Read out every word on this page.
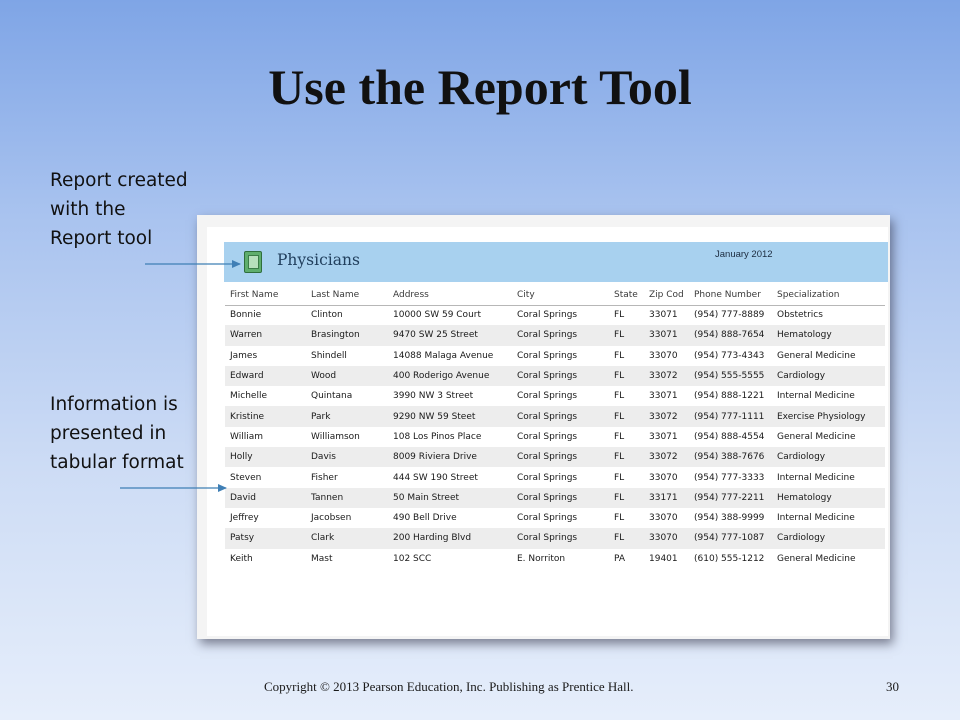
Use the Report Tool
Report created with the Report tool
Information is presented in tabular format
Physicians	January 2012
First Name	Last Name	Address	City	State	Zip Cod	Phone Number	Specialization
Bonnie	Clinton	10000 SW 59 Court	Coral Springs	FL	33071	(954) 777-8889	Obstetrics
Warren	Brasington	9470 SW 25 Street	Coral Springs	FL	33071	(954) 888-7654	Hematology
James	Shindell	14088 Malaga Avenue	Coral Springs	FL	33070	(954) 773-4343	General Medicine
Edward	Wood	400 Roderigo Avenue	Coral Springs	FL	33072	(954) 555-5555	Cardiology
Michelle	Quintana	3990 NW 3 Street	Coral Springs	FL	33071	(954) 888-1221	Internal Medicine
Kristine	Park	9290 NW 59 Steet	Coral Springs	FL	33072	(954) 777-1111	Exercise Physiology
William	Williamson	108 Los Pinos Place	Coral Springs	FL	33071	(954) 888-4554	General Medicine
Holly	Davis	8009 Riviera Drive	Coral Springs	FL	33072	(954) 388-7676	Cardiology
Steven	Fisher	444 SW 190 Street	Coral Springs	FL	33070	(954) 777-3333	Internal Medicine
David	Tannen	50 Main Street	Coral Springs	FL	33171	(954) 777-2211	Hematology
Jeffrey	Jacobsen	490 Bell Drive	Coral Springs	FL	33070	(954) 388-9999	Internal Medicine
Patsy	Clark	200 Harding Blvd	Coral Springs	FL	33070	(954) 777-1087	Cardiology
Keith	Mast	102 SCC	E. Norriton	PA	19401	(610) 555-1212	General Medicine
Copyright © 2013 Pearson Education, Inc. Publishing as Prentice Hall.	30
